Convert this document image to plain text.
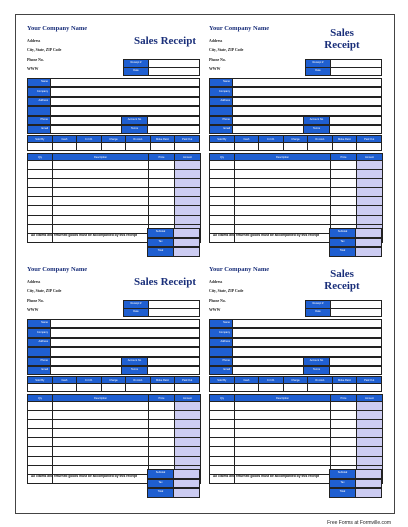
Your Company Name
Address
City, State, ZIP Code
Phone No.
WWW
Sales Receipt
Receipt #
Date
Name
Company
Address
Phone
Email
Account No
Terms
Sold By	Cash	C.O.D.	Charge	On Acct.	Mdse Retd.	Paid Out

Qty	Description	Price	Amount

All claims and returned goods must be accompanied by this receipt
Subtotal
Tax
Total
Your Company Name
Address
City, State, ZIP Code
Phone No.
WWW
Sales Receipt
Receipt #
Date
Name
Company
Address
Phone
Email
Account No
Terms
Sold By	Cash	C.O.D.	Charge	On Acct.	Mdse Retd.	Paid Out

Qty	Description	Price	Amount

All claims and returned goods must be accompanied by this receipt
Subtotal
Tax
Total
Your Company Name
Address
City, State, ZIP Code
Phone No.
WWW
Sales Receipt
Receipt #
Date
Name
Company
Address
Phone
Email
Account No
Terms
Sold By	Cash	C.O.D.	Charge	On Acct.	Mdse Retd.	Paid Out

Qty	Description	Price	Amount

All claims and returned goods must be accompanied by this receipt
Subtotal
Tax
Total
Your Company Name
Address
City, State, ZIP Code
Phone No.
WWW
Sales Receipt
Receipt #
Date
Name
Company
Address
Phone
Email
Account No
Terms
Sold By	Cash	C.O.D.	Charge	On Acct.	Mdse Retd.	Paid Out

Qty	Description	Price	Amount

All claims and returned goods must be accompanied by this receipt
Subtotal
Tax
Total
Free Forms at Formville.com
